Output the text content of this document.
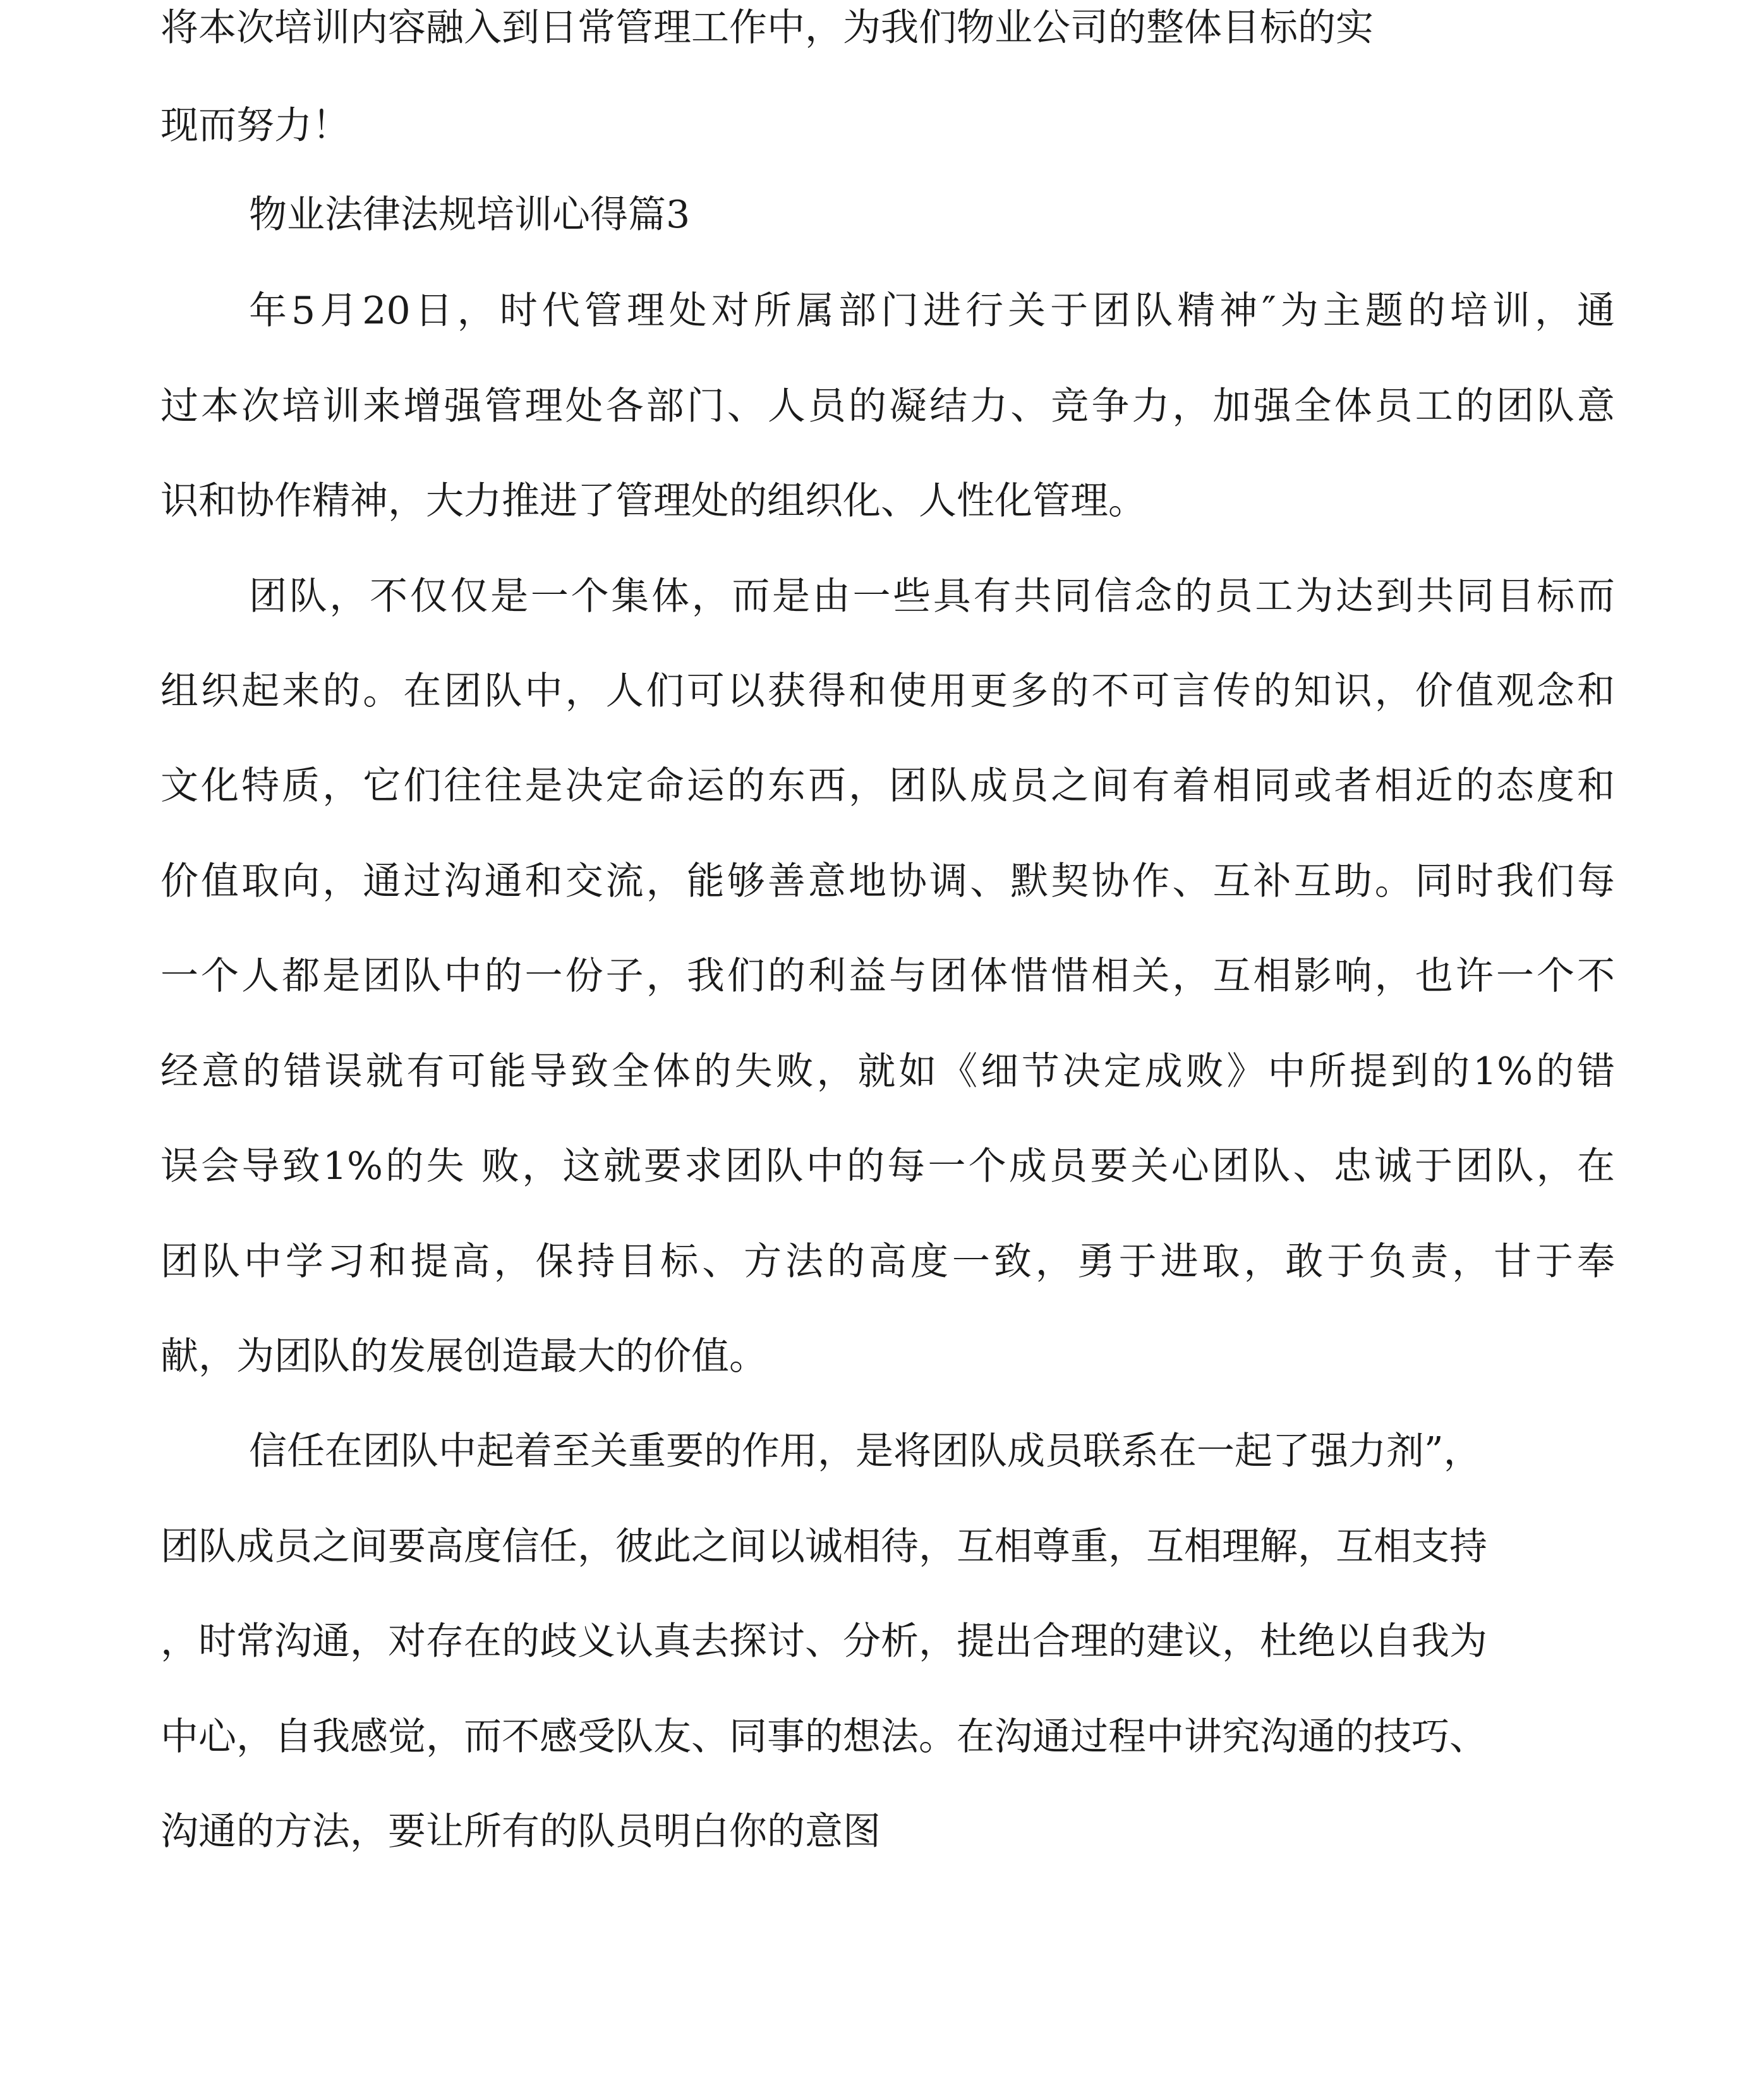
将本次培训内容融入到日常管理工作中，为我们物业公司的整体目标的实

现而努力！

物业法律法规培训心得篇3

年5月20日，时代管理处对所属部门进行关于团队精神″为主题的培训，通

过本次培训来增强管理处各部门、人员的凝结力、竞争力，加强全体员工的团队意

识和协作精神，大力推进了管理处的组织化、人性化管理。

团队，不仅仅是一个集体，而是由一些具有共同信念的员工为达到共同目标而

组织起来的。在团队中，人们可以获得和使用更多的不可言传的知识，价值观念和

文化特质，它们往往是决定命运的东西，团队成员之间有着相同或者相近的态度和

价值取向，通过沟通和交流，能够善意地协调、默契协作、互补互助。同时我们每

一个人都是团队中的一份子，我们的利益与团体惜惜相关，互相影响，也许一个不

经意的错误就有可能导致全体的失败，就如《细节决定成败》中所提到的1%的错

误会导致1%的失 败，这就要求团队中的每一个成员要关心团队、忠诚于团队，在

团队中学习和提高，保持目标、方法的高度一致，勇于进取，敢于负责，甘于奉

献，为团队的发展创造最大的价值。

信任在团队中起着至关重要的作用，是将团队成员联系在一起了强力剂”，

团队成员之间要高度信任，彼此之间以诚相待，互相尊重，互相理解，互相支持

，时常沟通，对存在的歧义认真去探讨、分析，提出合理的建议，杜绝以自我为

中心，自我感觉，而不感受队友、同事的想法。在沟通过程中讲究沟通的技巧、

沟通的方法，要让所有的队员明白你的意图
